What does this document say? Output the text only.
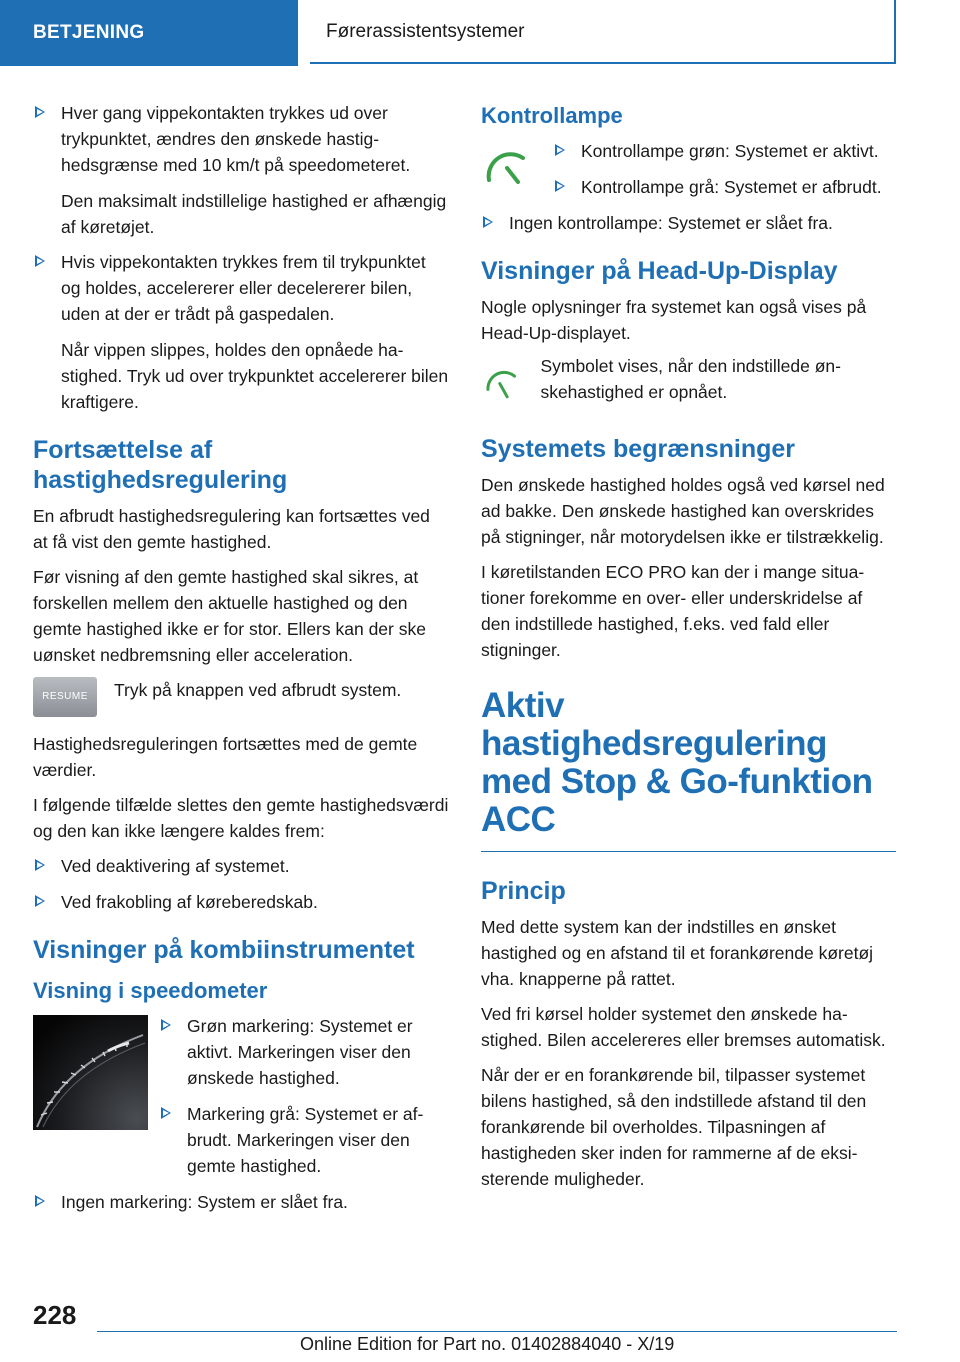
BETJENING	Førerassistentsystemer
Hver gang vippekontakten trykkes ud over trykpunktet, ændres den ønskede hastighedsgrænse med 10 km/t på speedometeret.

Den maksimalt indstillelige hastighed er afhængig af køretøjet.

Hvis vippekontakten trykkes frem til trykpunktet og holdes, accelererer eller decelererer bilen, uden at der er trådt på gaspedalen.

Når vippen slippes, holdes den opnåede hastighed. Tryk ud over trykpunktet accelererer bilen kraftigere.

Fortsættelse af hastighedsregulering

En afbrudt hastighedsregulering kan fortsættes ved at få vist den gemte hastighed.

Før visning af den gemte hastighed skal sikres, at forskellen mellem den aktuelle hastighed og den gemte hastighed ikke er for stor. Ellers kan der ske uønsket nedbremsning eller acceleration.

RESUME	Tryk på knappen ved afbrudt system.

Hastighedsreguleringen fortsættes med de gemte værdier.

I følgende tilfælde slettes den gemte hastighedsværdi og den kan ikke længere kaldes frem:

Ved deaktivering af systemet.
Ved frakobling af køreberedskab.
Visninger på kombiinstrumentet
Visning i speedometer
Grøn markering: Systemet er aktivt. Markeringen viser den ønskede hastighed.
Markering grå: Systemet er afbrudt. Markeringen viser den gemte hastighed.
Ingen markering: System er slået fra.
Kontrollampe
Kontrollampe grøn: Systemet er aktivt.
Kontrollampe grå: Systemet er afbrudt.
Ingen kontrollampe: Systemet er slået fra.
Visninger på Head-Up-Display

Nogle oplysninger fra systemet kan også vises på Head-Up-displayet.

Symbolet vises, når den indstillede ønskehastighed er opnået.

Systemets begrænsninger

Den ønskede hastighed holdes også ved kørsel ned ad bakke. Den ønskede hastighed kan overskrides på stigninger, når motorydelsen ikke er tilstrækkelig.

I køretilstanden ECO PRO kan der i mange situationer forekomme en over- eller underskridelse af den indstillede hastighed, f.eks. ved fald eller stigninger.

Aktiv hastighedsregulering med Stop & Go-funktion ACC
Princip

Med dette system kan der indstilles en ønsket hastighed og en afstand til et forankørende køretøj vha. knapperne på rattet.

Ved fri kørsel holder systemet den ønskede hastighed. Bilen accelereres eller bremses automatisk.

Når der er en forankørende bil, tilpasser systemet bilens hastighed, så den indstillede afstand til den forankørende bil overholdes. Tilpasningen af hastigheden sker inden for rammerne af de eksisterende muligheder.

228
Online Edition for Part no. 01402884040 - X/19
